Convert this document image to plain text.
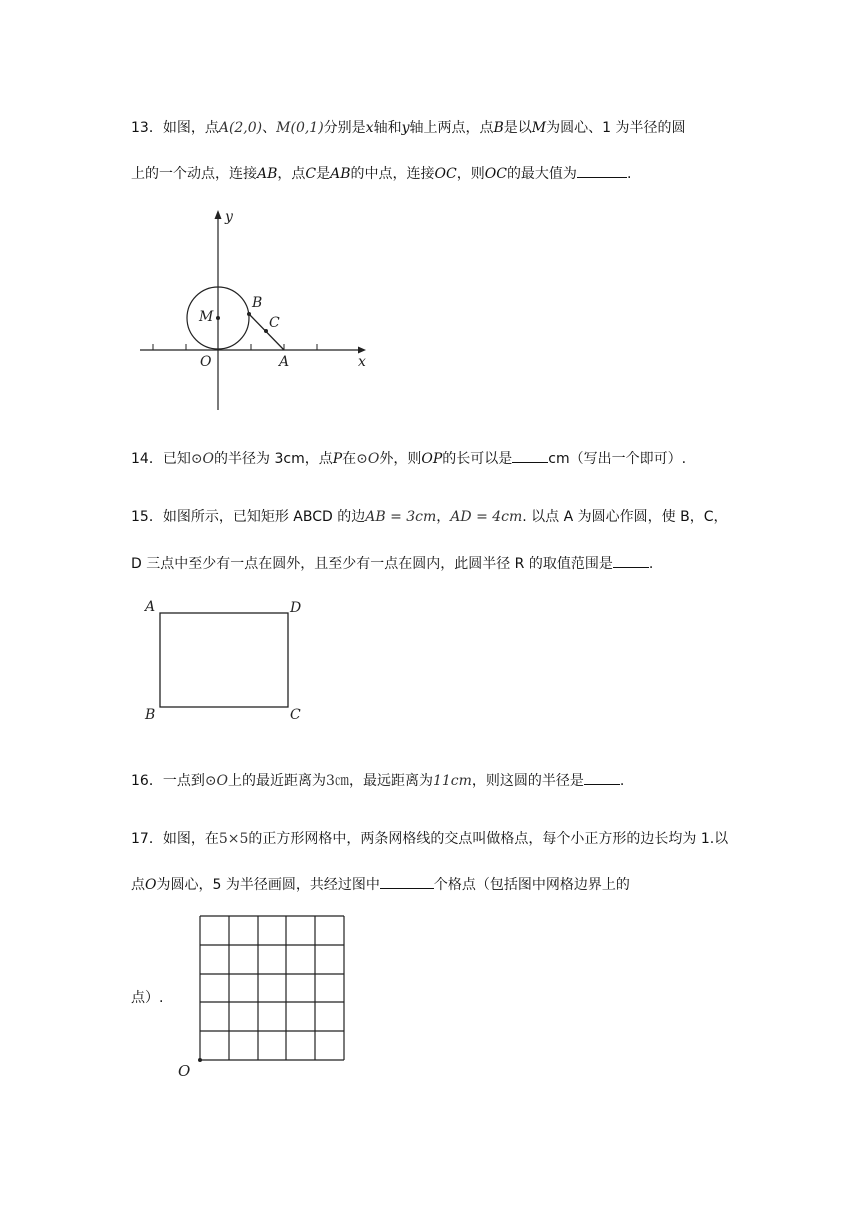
13．如图，点A(2,0)、M(0,1)分别是x轴和y轴上两点，点B是以M为圆心、1 为半径的圆
上的一个动点，连接AB，点C是AB的中点，连接OC，则OC的最大值为	.
y
x
O
M
A
B
C
14．已知⊙O的半径为 3cm，点P在⊙O外，则OP的长可以是	cm（写出一个即可）.
15．如图所示，已知矩形 ABCD 的边AB = 3cm，AD = 4cm. 以点 A 为圆心作圆，使 B，C，
D 三点中至少有一点在圆外，且至少有一点在圆内，此圆半径 R 的取值范围是	.
A	D
B	C
16．一点到⊙O上的最近距离为3㎝，最远距离为11cm，则这圆的半径是	.
17．如图，在5×5的正方形网格中，两条网格线的交点叫做格点，每个小正方形的边长均为 1.以
点O为圆心，5 为半径画圆，共经过图中	个格点（包括图中网格边界上的
点）.
O
